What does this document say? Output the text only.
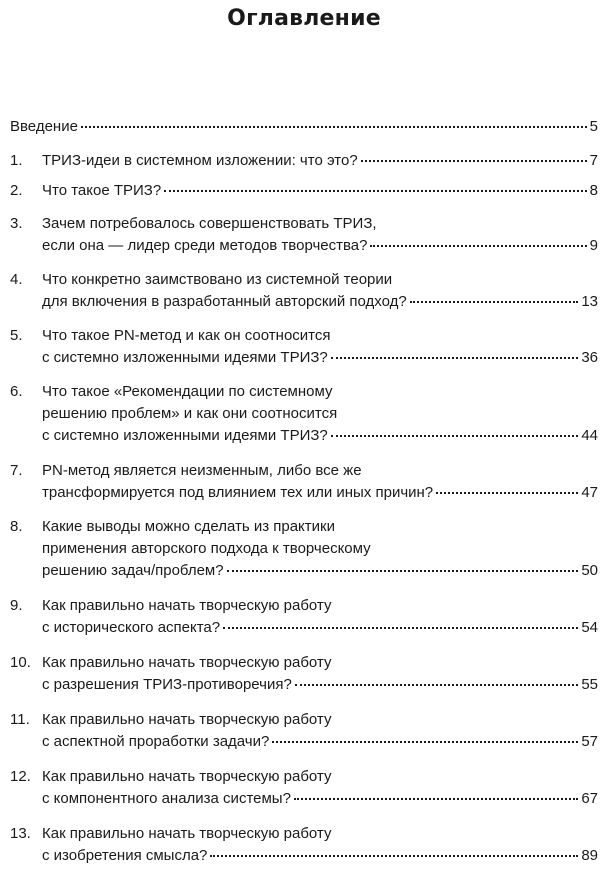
Оглавление
Введение	5
1.	ТРИЗ-идеи в системном изложении: что это?	7
2.	Что такое ТРИЗ?	8
3.	Зачем потребовалось совершенствовать ТРИЗ,
если она — лидер среди методов творчества?	9
4.	Что конкретно заимствовано из системной теории
для включения в разработанный авторский подход?	13
5.	Что такое PN-метод и как он соотносится
с системно изложенными идеями ТРИЗ?	36
6.	Что такое «Рекомендации по системному
решению проблем» и как они соотносится
с системно изложенными идеями ТРИЗ?	44
7.	PN-метод является неизменным, либо все же
трансформируется под влиянием тех или иных причин?	47
8.	Какие выводы можно сделать из практики
применения авторского подхода к творческому
решению задач/проблем?	50
9.	Как правильно начать творческую работу
с исторического аспекта?	54
10. Как правильно начать творческую работу
с разрешения ТРИЗ-противоречия?	55
11. Как правильно начать творческую работу
с аспектной проработки задачи?	57
12. Как правильно начать творческую работу
с компонентного анализа системы?	67
13. Как правильно начать творческую работу
с изобретения смысла?	89
